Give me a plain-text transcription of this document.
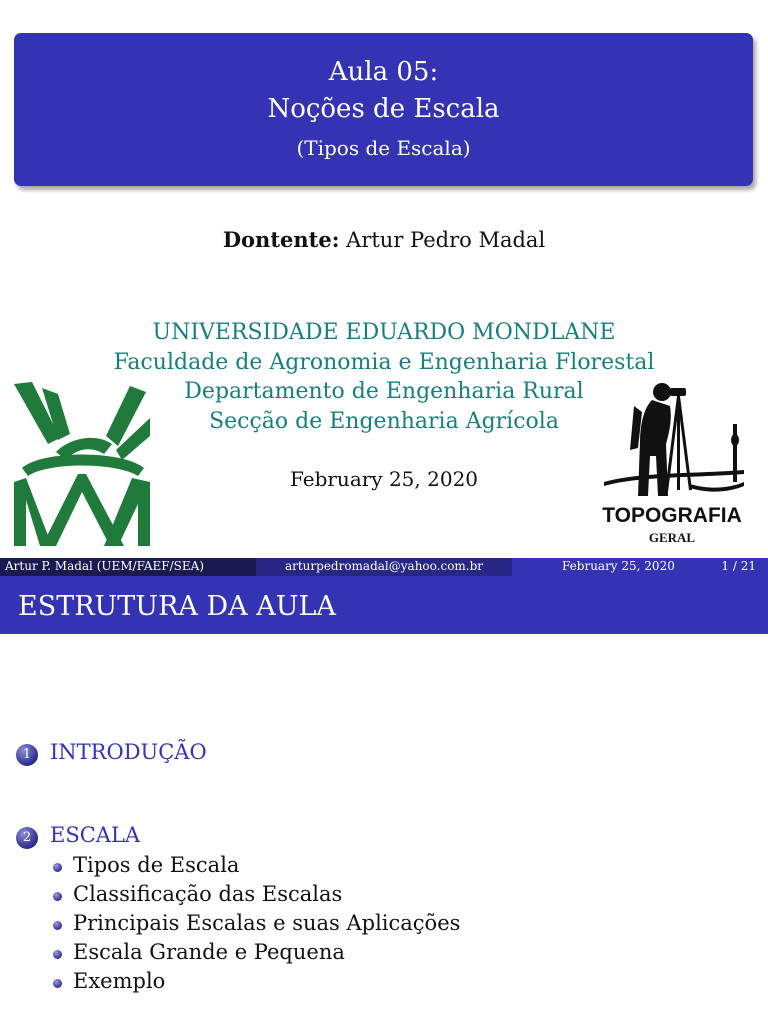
Aula 05:
Noções de Escala
(Tipos de Escala)
Dontente: Artur Pedro Madal
UNIVERSIDADE EDUARDO MONDLANE
Faculdade de Agronomia e Engenharia Florestal
Departamento de Engenharia Rural
Secção de Engenharia Agrícola
February 25, 2020
TOPOGRAFIA
GERAL
Artur P. Madal (UEM/FAEF/SEA)	arturpedromadal@yahoo.com.br	February 25, 2020	1 / 21
ESTRUTURA DA AULA
1 INTRODUÇÃO
2 ESCALA
Tipos de Escala
Classificação das Escalas
Principais Escalas e suas Aplicações
Escala Grande e Pequena
Exemplo
